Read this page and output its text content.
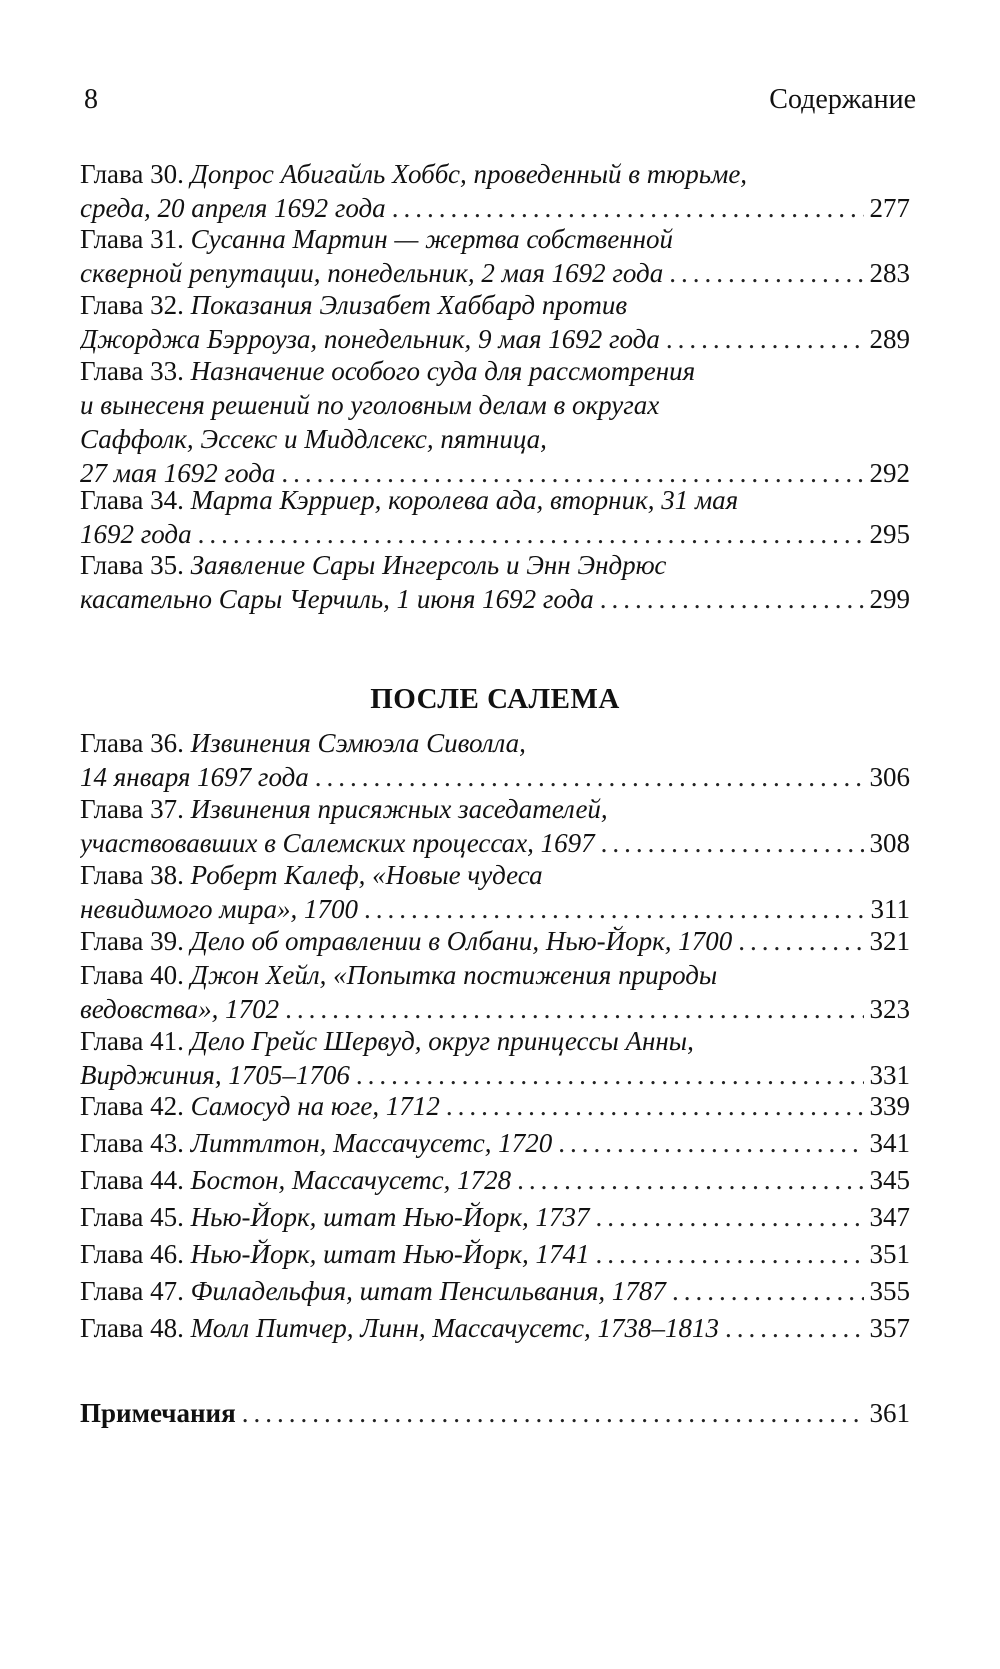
8	Содержание
Глава 30. Допрос Абигайль Хоббс, проведенный в тюрьме,
среда, 20 апреля 1692 года .....	277
Глава 31. Сусанна Мартин — жертва собственной
скверной репутации, понедельник, 2 мая 1692 года .....	283
Глава 32. Показания Элизабет Хаббард против
Джорджа Бэрроуза, понедельник, 9 мая 1692 года .....	289
Глава 33. Назначение особого суда для рассмотрения
и вынесеня решений по уголовным делам в округах
Саффолк, Эссекс и Миддлсекс, пятница,
27 мая 1692 года .....	292
Глава 34. Марта Кэрриер, королева ада, вторник, 31 мая
1692 года .....	295
Глава 35. Заявление Сары Ингерсоль и Энн Эндрюс
касательно Сары Черчиль, 1 июня 1692 года .....	299
Глава 36. Извинения Сэмюэла Сиволла,
14 января 1697 года .....	306
Глава 37. Извинения присяжных заседателей,
участвовавших в Салемских процессах, 1697 .....	308
Глава 38. Роберт Калеф, «Новые чудеса
невидимого мира», 1700 .....	311
Глава 39. Дело об отравлении в Олбани, Нью-Йорк, 1700 .....	321
Глава 40. Джон Хейл, «Попытка постижения природы
ведовства», 1702 .....	323
Глава 41. Дело Грейс Шервуд, округ принцессы Анны,
Вирджиния, 1705–1706 .....	331
Глава 42. Самосуд на юге, 1712 .....	339
Глава 43. Литтлтон, Массачусетс, 1720 .....	341
Глава 44. Бостон, Массачусетс, 1728 .....	345
Глава 45. Нью-Йорк, штат Нью-Йорк, 1737 .....	347
Глава 46. Нью-Йорк, штат Нью-Йорк, 1741 .....	351
Глава 47. Филадельфия, штат Пенсильвания, 1787 .....	355
Глава 48. Молл Питчер, Линн, Массачусетс, 1738–1813 .....	357
Примечания .....	361
ПОСЛЕ САЛЕМА
